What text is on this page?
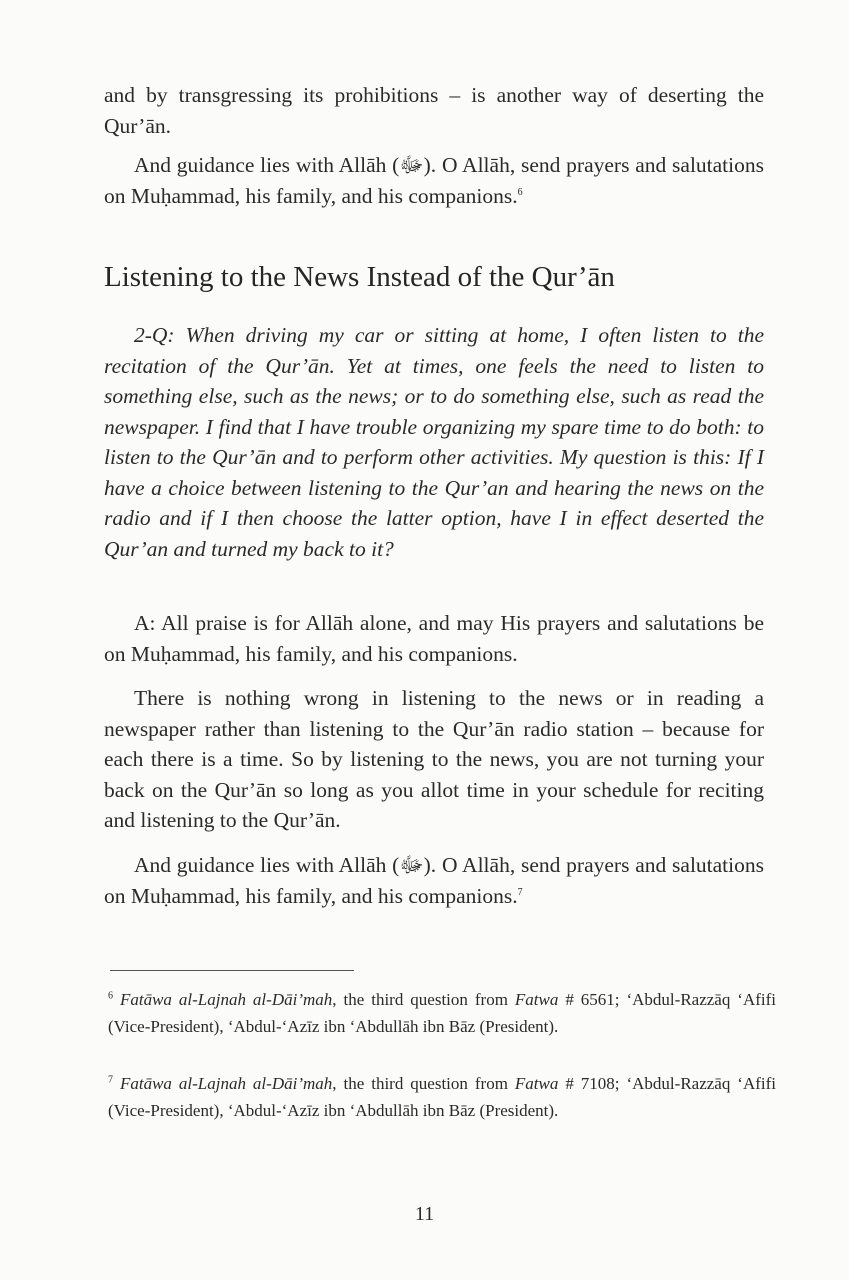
and by transgressing its prohibitions – is another way of deserting the Qur’ān.

And guidance lies with Allāh (ﷻ). O Allāh, send prayers and salutations on Muḥammad, his family, and his companions.$^6$

Listening to the News Instead of the Qur’ān

2-Q: When driving my car or sitting at home, I often listen to the recitation of the Qur’ān. Yet at times, one feels the need to listen to something else, such as the news; or to do something else, such as read the newspaper. I find that I have trouble organizing my spare time to do both: to listen to the Qur’ān and to perform other activities. My question is this: If I have a choice between listening to the Qur’an and hearing the news on the radio and if I then choose the latter option, have I in effect deserted the Qur’an and turned my back to it?

A: All praise is for Allāh alone, and may His prayers and salutations be on Muḥammad, his family, and his companions.

There is nothing wrong in listening to the news or in reading a newspaper rather than listening to the Qur’ān radio station – because for each there is a time. So by listening to the news, you are not turning your back on the Qur’ān so long as you allot time in your schedule for reciting and listening to the Qur’ān.

And guidance lies with Allāh (ﷻ). O Allāh, send prayers and salutations on Muḥammad, his family, and his companions.$^7$

$^6$ Fatāwa al-Lajnah al-Dāi’mah, the third question from Fatwa # 6561; ‘Abdul-Razzāq ‘Afifi (Vice-President), ‘Abdul-‘Azīz ibn ‘Abdullāh ibn Bāz (President).

$^7$ Fatāwa al-Lajnah al-Dāi’mah, the third question from Fatwa # 7108; ‘Abdul-Razzāq ‘Afifi (Vice-President), ‘Abdul-‘Azīz ibn ‘Abdullāh ibn Bāz (President).

11
